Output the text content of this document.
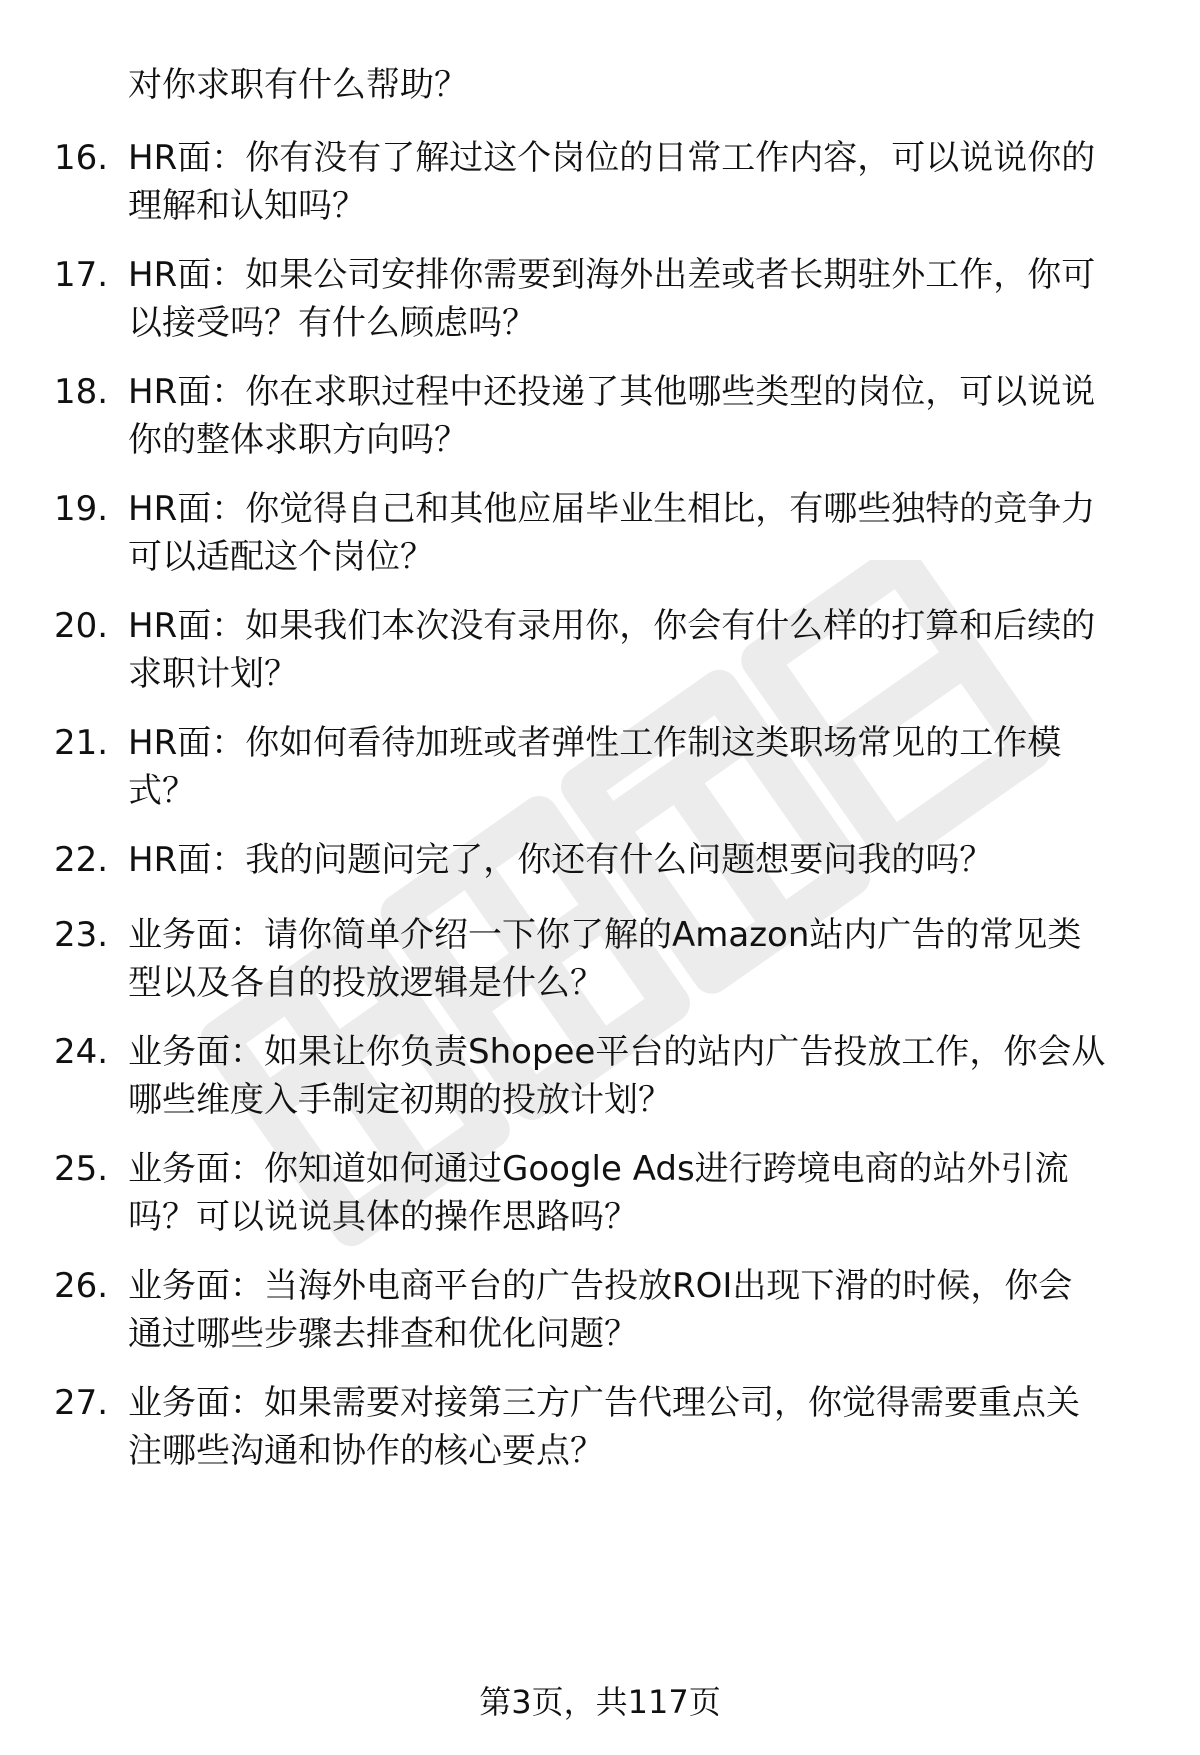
对你求职有什么帮助？
16. HR面：你有没有了解过这个岗位的日常工作内容，可以说说你的
理解和认知吗？
17. HR面：如果公司安排你需要到海外出差或者长期驻外工作，你可
以接受吗？有什么顾虑吗？
18. HR面：你在求职过程中还投递了其他哪些类型的岗位，可以说说
你的整体求职方向吗？
19. HR面：你觉得自己和其他应届毕业生相比，有哪些独特的竞争力
可以适配这个岗位？
20. HR面：如果我们本次没有录用你，你会有什么样的打算和后续的
求职计划？
21. HR面：你如何看待加班或者弹性工作制这类职场常见的工作模
式？
22. HR面：我的问题问完了，你还有什么问题想要问我的吗？
23. 业务面：请你简单介绍一下你了解的Amazon站内广告的常见类
型以及各自的投放逻辑是什么？
24. 业务面：如果让你负责Shopee平台的站内广告投放工作，你会从
哪些维度入手制定初期的投放计划？
25. 业务面：你知道如何通过Google Ads进行跨境电商的站外引流
吗？可以说说具体的操作思路吗？
26. 业务面：当海外电商平台的广告投放ROI出现下滑的时候，你会
通过哪些步骤去排查和优化问题？
27. 业务面：如果需要对接第三方广告代理公司，你觉得需要重点关
注哪些沟通和协作的核心要点？
第3页，共117页
